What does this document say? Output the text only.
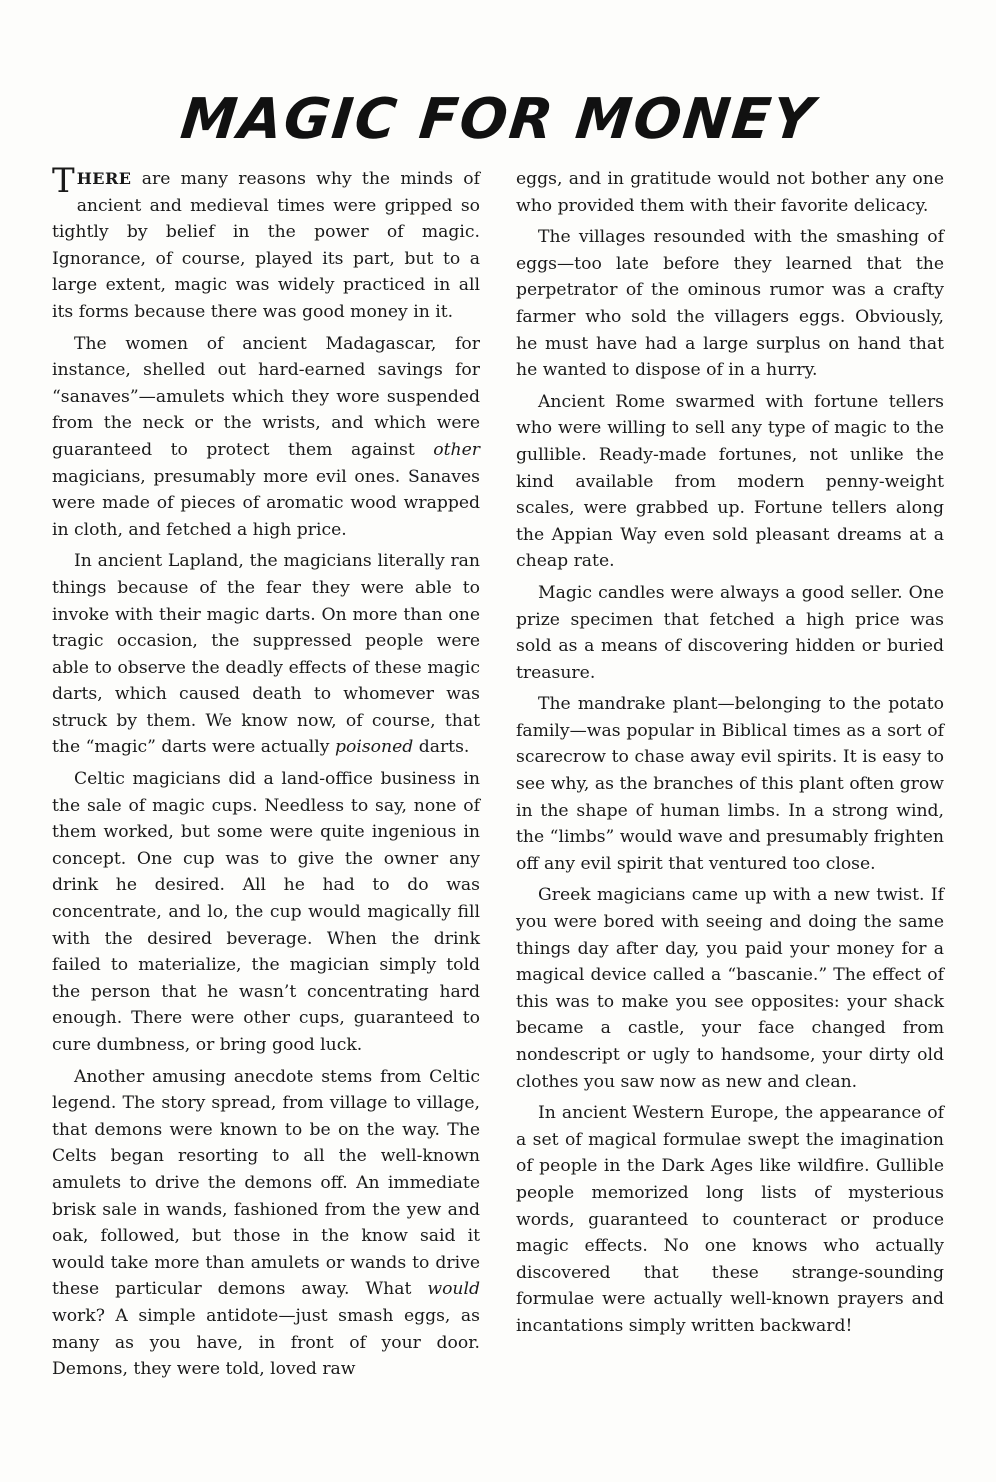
MAGIC FOR MONEY

THERE are many reasons why the minds of ancient and medieval times were gripped so tightly by belief in the power of magic. Ignorance, of course, played its part, but to a large extent, magic was widely practiced in all its forms because there was good money in it.

The women of ancient Madagascar, for instance, shelled out hard-earned savings for “sanaves”—amulets which they wore suspended from the neck or the wrists, and which were guaranteed to protect them against other magicians, presumably more evil ones. Sanaves were made of pieces of aromatic wood wrapped in cloth, and fetched a high price.

In ancient Lapland, the magicians literally ran things because of the fear they were able to invoke with their magic darts. On more than one tragic occasion, the suppressed people were able to observe the deadly effects of these magic darts, which caused death to whomever was struck by them. We know now, of course, that the “magic” darts were actually poisoned darts.

Celtic magicians did a land-office business in the sale of magic cups. Needless to say, none of them worked, but some were quite ingenious in concept. One cup was to give the owner any drink he desired. All he had to do was concentrate, and lo, the cup would magically fill with the desired beverage. When the drink failed to materialize, the magician simply told the person that he wasn’t concentrating hard enough. There were other cups, guaranteed to cure dumbness, or bring good luck.

Another amusing anecdote stems from Celtic legend. The story spread, from village to village, that demons were known to be on the way. The Celts began resorting to all the well-known amulets to drive the demons off. An immediate brisk sale in wands, fashioned from the yew and oak, followed, but those in the know said it would take more than amulets or wands to drive these particular demons away. What would work? A simple antidote—just smash eggs, as many as you have, in front of your door. Demons, they were told, loved raw

eggs, and in gratitude would not bother any one who provided them with their favorite delicacy.

The villages resounded with the smashing of eggs—too late before they learned that the perpetrator of the ominous rumor was a crafty farmer who sold the villagers eggs. Obviously, he must have had a large surplus on hand that he wanted to dispose of in a hurry.

Ancient Rome swarmed with fortune tellers who were willing to sell any type of magic to the gullible. Ready-made fortunes, not unlike the kind available from modern penny-weight scales, were grabbed up. Fortune tellers along the Appian Way even sold pleasant dreams at a cheap rate.

Magic candles were always a good seller. One prize specimen that fetched a high price was sold as a means of discovering hidden or buried treasure.

The mandrake plant—belonging to the potato family—was popular in Biblical times as a sort of scarecrow to chase away evil spirits. It is easy to see why, as the branches of this plant often grow in the shape of human limbs. In a strong wind, the “limbs” would wave and presumably frighten off any evil spirit that ventured too close.

Greek magicians came up with a new twist. If you were bored with seeing and doing the same things day after day, you paid your money for a magical device called a “bascanie.” The effect of this was to make you see opposites: your shack became a castle, your face changed from nondescript or ugly to handsome, your dirty old clothes you saw now as new and clean.

In ancient Western Europe, the appearance of a set of magical formulae swept the imagination of people in the Dark Ages like wildfire. Gullible people memorized long lists of mysterious words, guaranteed to counteract or produce magic effects. No one knows who actually discovered that these strange-sounding formulae were actually well-known prayers and incantations simply written backward!
